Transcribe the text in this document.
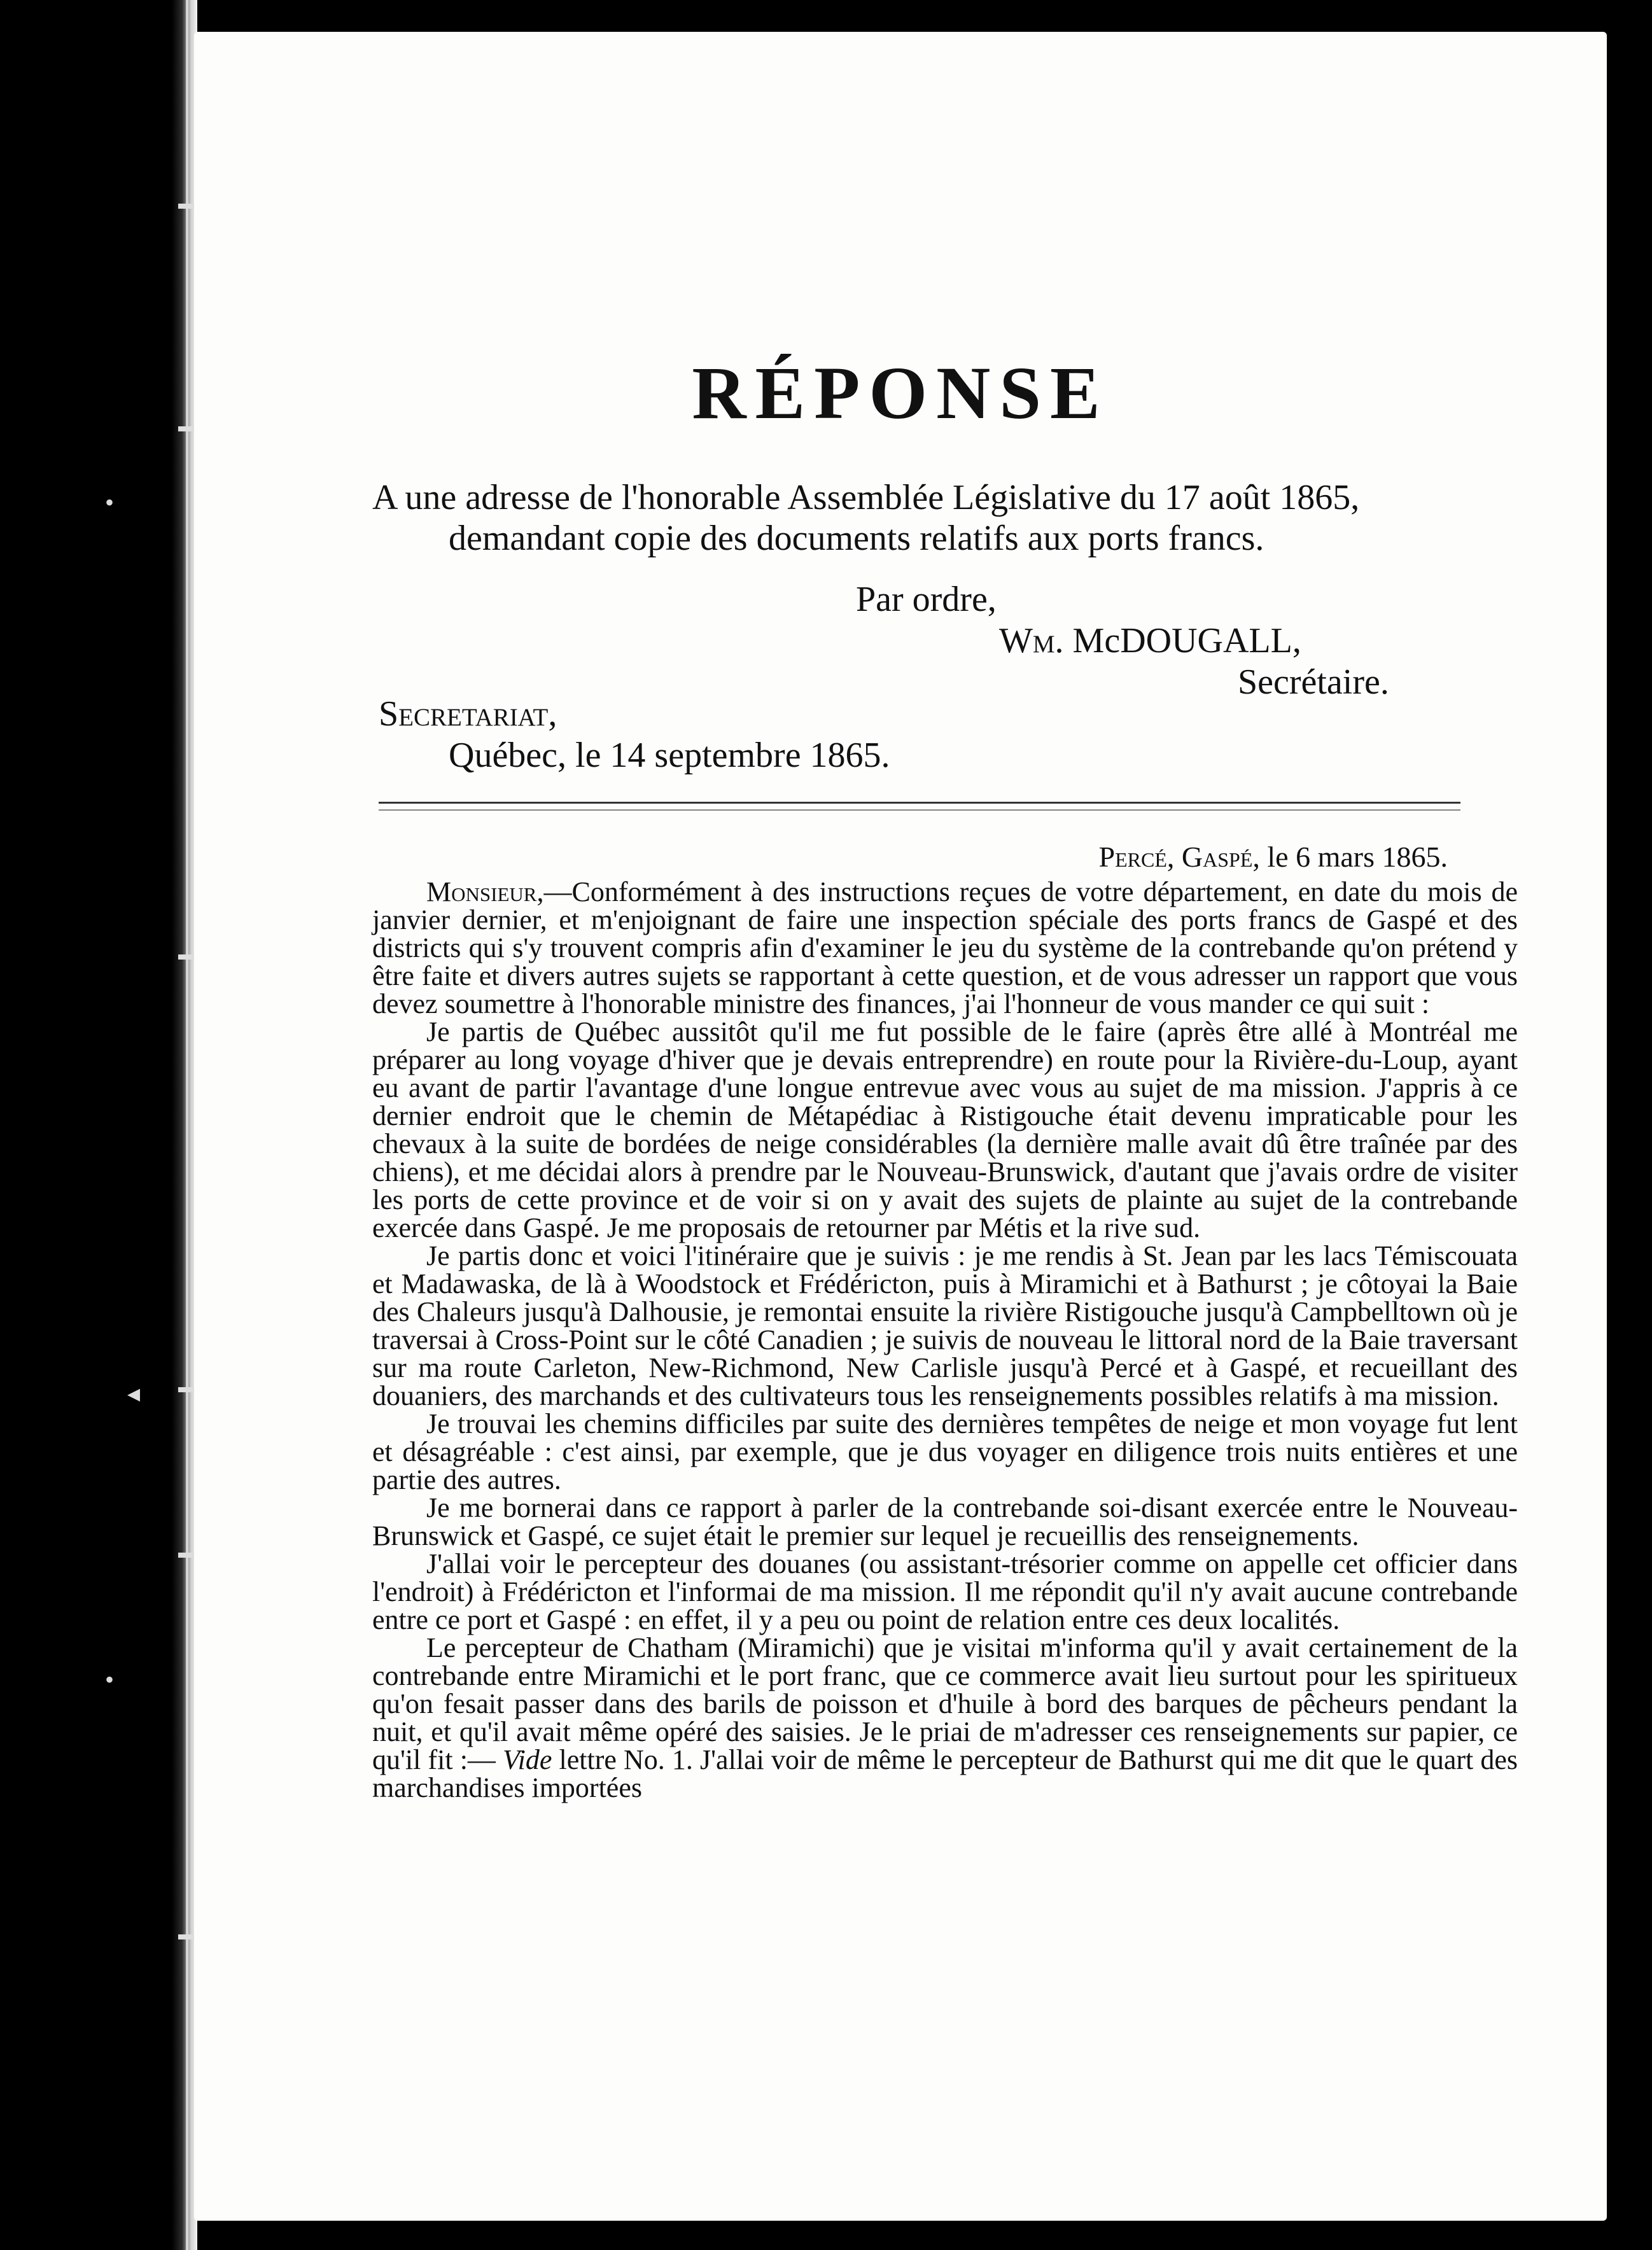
•
◂
•
RÉPONSE
A une adresse de l'honorable Assemblée Législative du 17 août 1865,
demandant copie des documents relatifs aux ports francs.
Par ordre,
Wm. McDOUGALL,
Secrétaire.
Secretariat,
Québec, le 14 septembre 1865.
Percé, Gaspé, le 6 mars 1865.

Monsieur,—Conformément à des instructions reçues de votre département, en date du mois de janvier dernier, et m'enjoignant de faire une inspection spéciale des ports francs de Gaspé et des districts qui s'y trouvent compris afin d'examiner le jeu du système de la contrebande qu'on prétend y être faite et divers autres sujets se rapportant à cette question, et de vous adresser un rapport que vous devez soumettre à l'honorable ministre des finances, j'ai l'honneur de vous mander ce qui suit :

Je partis de Québec aussitôt qu'il me fut possible de le faire (après être allé à Montréal me préparer au long voyage d'hiver que je devais entreprendre) en route pour la Rivière-du-Loup, ayant eu avant de partir l'avantage d'une longue entrevue avec vous au sujet de ma mission. J'appris à ce dernier endroit que le chemin de Métapédiac à Ristigouche était devenu impraticable pour les chevaux à la suite de bordées de neige considérables (la dernière malle avait dû être traînée par des chiens), et me décidai alors à prendre par le Nouveau-Brunswick, d'autant que j'avais ordre de visiter les ports de cette province et de voir si on y avait des sujets de plainte au sujet de la contrebande exercée dans Gaspé. Je me proposais de retourner par Métis et la rive sud.

Je partis donc et voici l'itinéraire que je suivis : je me rendis à St. Jean par les lacs Témiscouata et Madawaska, de là à Woodstock et Frédéricton, puis à Miramichi et à Bathurst ; je côtoyai la Baie des Chaleurs jusqu'à Dalhousie, je remontai ensuite la rivière Ristigouche jusqu'à Campbelltown où je traversai à Cross-Point sur le côté Canadien ; je suivis de nouveau le littoral nord de la Baie traversant sur ma route Carleton, New-Richmond, New Carlisle jusqu'à Percé et à Gaspé, et recueillant des douaniers, des marchands et des cultivateurs tous les renseignements possibles relatifs à ma mission.

Je trouvai les chemins difficiles par suite des dernières tempêtes de neige et mon voyage fut lent et désagréable : c'est ainsi, par exemple, que je dus voyager en diligence trois nuits entières et une partie des autres.

Je me bornerai dans ce rapport à parler de la contrebande soi-disant exercée entre le Nouveau-Brunswick et Gaspé, ce sujet était le premier sur lequel je recueillis des renseignements.

J'allai voir le percepteur des douanes (ou assistant-trésorier comme on appelle cet officier dans l'endroit) à Frédéricton et l'informai de ma mission. Il me répondit qu'il n'y avait aucune contrebande entre ce port et Gaspé : en effet, il y a peu ou point de relation entre ces deux localités.

Le percepteur de Chatham (Miramichi) que je visitai m'informa qu'il y avait certainement de la contrebande entre Miramichi et le port franc, que ce commerce avait lieu surtout pour les spiritueux qu'on fesait passer dans des barils de poisson et d'huile à bord des barques de pêcheurs pendant la nuit, et qu'il avait même opéré des saisies. Je le priai de m'adresser ces renseignements sur papier, ce qu'il fit :— Vide lettre No. 1. J'allai voir de même le percepteur de Bathurst qui me dit que le quart des marchandises importées
